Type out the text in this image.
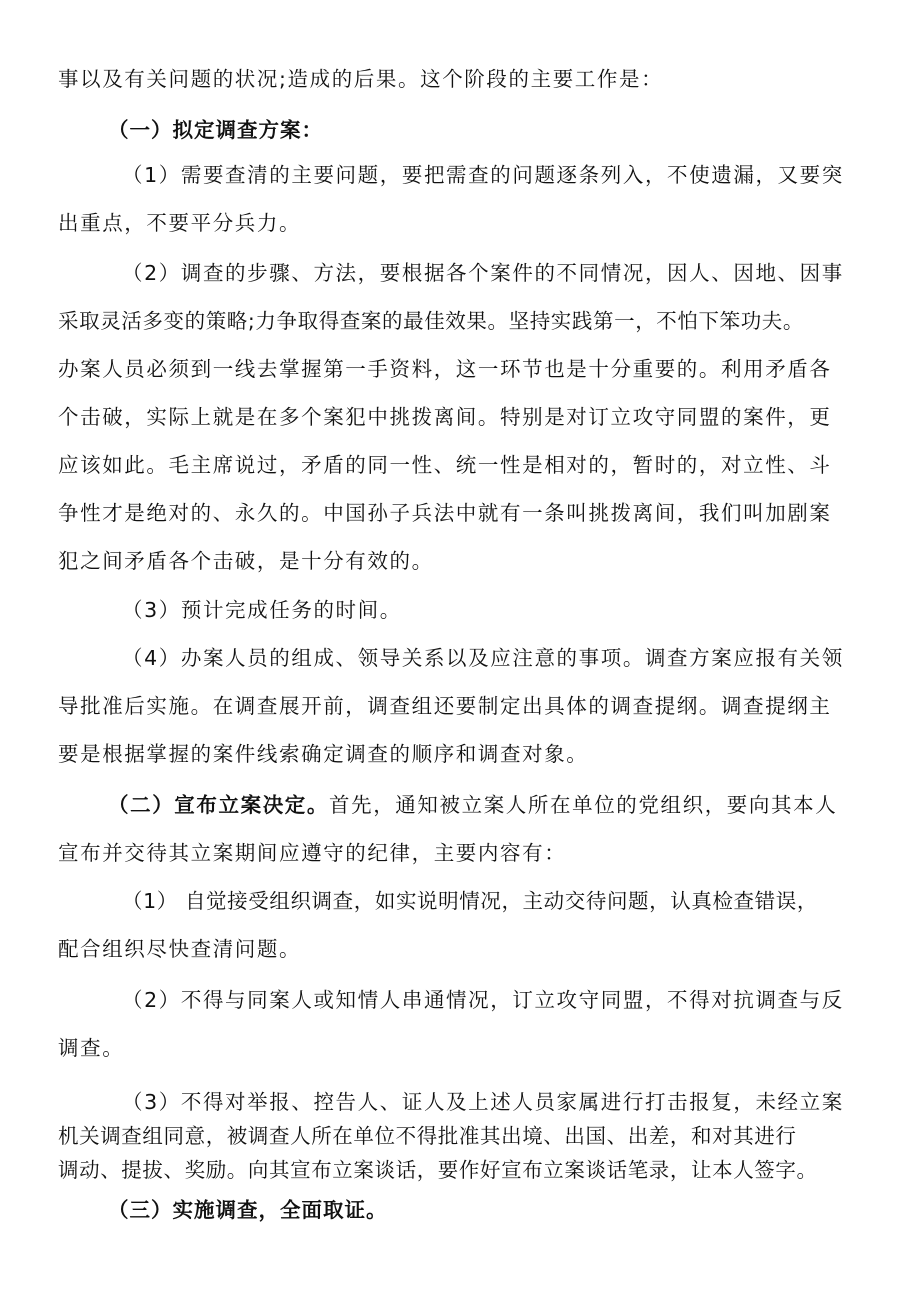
事以及有关问题的状况;造成的后果。这个阶段的主要工作是：
（一）拟定调查方案：
（1）需要查清的主要问题，要把需查的问题逐条列入，不使遗漏，又要突
出重点，不要平分兵力。
（2）调查的步骤、方法，要根据各个案件的不同情况，因人、因地、因事
采取灵活多变的策略;力争取得查案的最佳效果。坚持实践第一，不怕下笨功夫。
办案人员必须到一线去掌握第一手资料，这一环节也是十分重要的。利用矛盾各
个击破，实际上就是在多个案犯中挑拨离间。特别是对订立攻守同盟的案件，更
应该如此。毛主席说过，矛盾的同一性、统一性是相对的，暂时的，对立性、斗
争性才是绝对的、永久的。中国孙子兵法中就有一条叫挑拨离间，我们叫加剧案
犯之间矛盾各个击破，是十分有效的。
（3）预计完成任务的时间。
（4）办案人员的组成、领导关系以及应注意的事项。调查方案应报有关领
导批准后实施。在调查展开前，调查组还要制定出具体的调查提纲。调查提纲主
要是根据掌握的案件线索确定调查的顺序和调查对象。
（二）宣布立案决定。首先，通知被立案人所在单位的党组织，要向其本人
宣布并交待其立案期间应遵守的纪律，主要内容有：
（1） 自觉接受组织调查，如实说明情况，主动交待问题，认真检查错误，
配合组织尽快查清问题。
（2）不得与同案人或知情人串通情况，订立攻守同盟，不得对抗调查与反
调查。
（3）不得对举报、控告人、证人及上述人员家属进行打击报复，未经立案
机关调查组同意，被调查人所在单位不得批准其出境、出国、出差，和对其进行
调动、提拔、奖励。向其宣布立案谈话，要作好宣布立案谈话笔录，让本人签字。
（三）实施调查，全面取证。
